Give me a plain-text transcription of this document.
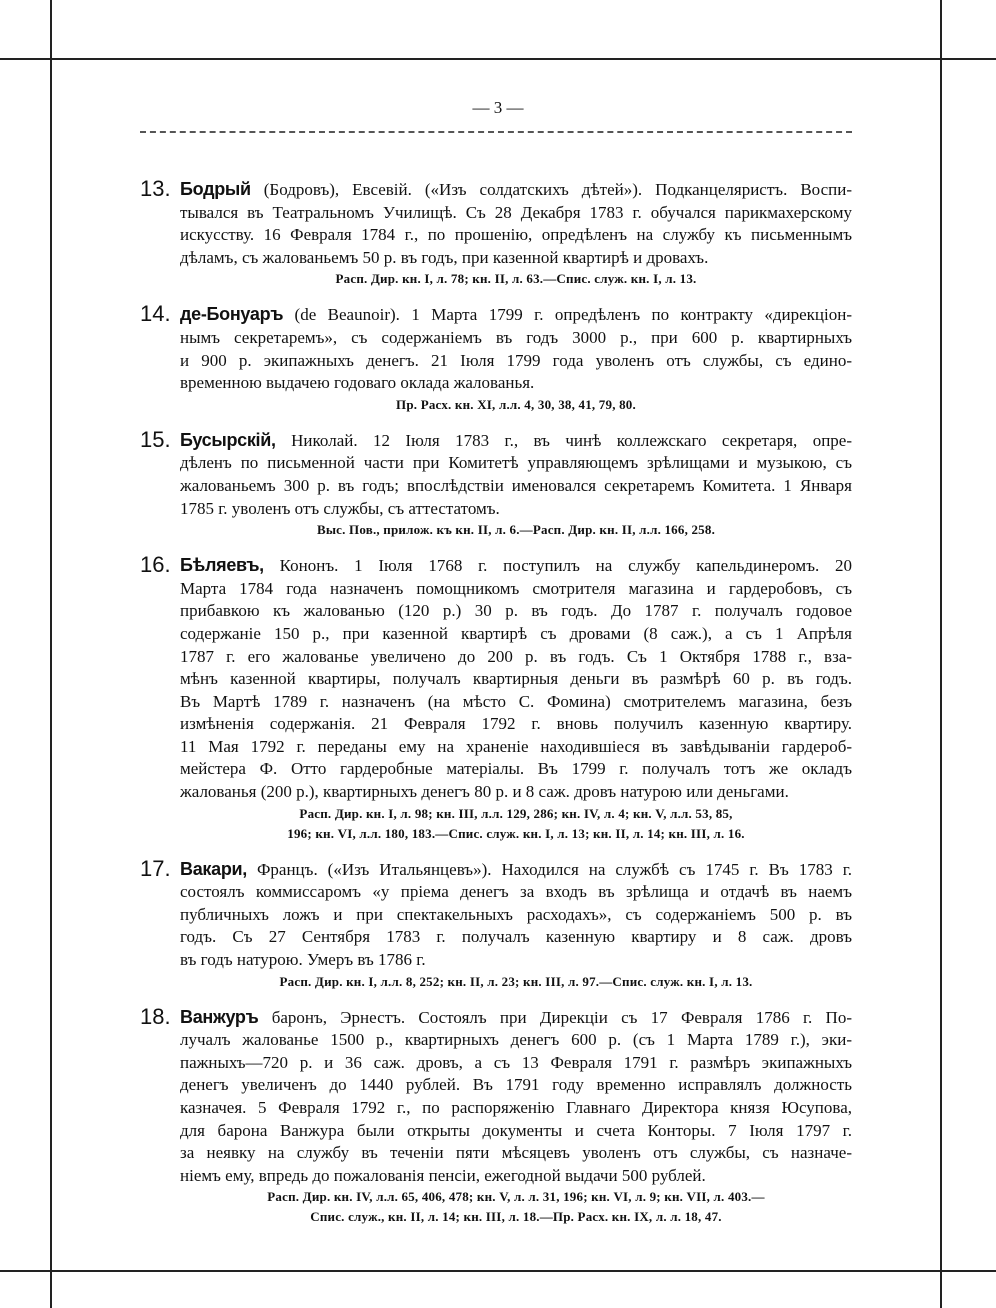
— 3 —
13. Бодрый (Бодровъ), Евсевій. («Изъ солдатскихъ дѣтей»). Подканцеляристъ. Воспи-
тывался въ Театральномъ Училищѣ. Съ 28 Декабря 1783 г. обучался парикмахерскому
искусству. 16 Февраля 1784 г., по прошенію, опредѣленъ на службу къ письменнымъ
дѣламъ, съ жалованьемъ 50 р. въ годъ, при казенной квартирѣ и дровахъ.
Расп. Дир. кн. I, л. 78; кн. II, л. 63.—Спис. служ. кн. I, л. 13.
14. де-Бонуаръ (de Beaunoir). 1 Марта 1799 г. опредѣленъ по контракту «дирекціон-
нымъ секретаремъ», съ содержаніемъ въ годъ 3000 р., при 600 р. квартирныхъ
и 900 р. экипажныхъ денегъ. 21 Іюля 1799 года уволенъ отъ службы, съ едино-
временною выдачею годоваго оклада жалованья.
Пр. Расх. кн. XI, л.л. 4, 30, 38, 41, 79, 80.
15. Бусырскій, Николай. 12 Іюля 1783 г., въ чинѣ коллежскаго секретаря, опре-
дѣленъ по письменной части при Комитетѣ управляющемъ зрѣлищами и музыкою, съ
жалованьемъ 300 р. въ годъ; впослѣдствіи именовался секретаремъ Комитета. 1 Января
1785 г. уволенъ отъ службы, съ аттестатомъ.
Выс. Пов., прилож. къ кн. II, л. 6.—Расп. Дир. кн. II, л.л. 166, 258.
16. Бѣляевъ, Кононъ. 1 Іюля 1768 г. поступилъ на службу капельдинеромъ. 20
Марта 1784 года назначенъ помощникомъ смотрителя магазина и гардеробовъ, съ
прибавкою къ жалованью (120 р.) 30 р. въ годъ. До 1787 г. получалъ годовое
содержаніе 150 р., при казенной квартирѣ съ дровами (8 саж.), а съ 1 Апрѣля
1787 г. его жалованье увеличено до 200 р. въ годъ. Съ 1 Октября 1788 г., вза-
мѣнъ казенной квартиры, получалъ квартирныя деньги въ размѣрѣ 60 р. въ годъ.
Въ Мартѣ 1789 г. назначенъ (на мѣсто С. Фомина) смотрителемъ магазина, безъ
измѣненія содержанія. 21 Февраля 1792 г. вновь получилъ казенную квартиру.
11 Мая 1792 г. переданы ему на храненіе находившіеся въ завѣдываніи гардероб-
мейстера Ф. Отто гардеробные матеріалы. Въ 1799 г. получалъ тотъ же окладъ
жалованья (200 р.), квартирныхъ денегъ 80 р. и 8 саж. дровъ натурою или деньгами.
Расп. Дир. кн. I, л. 98; кн. III, л.л. 129, 286; кн. IV, л. 4; кн. V, л.л. 53, 85,
196; кн. VI, л.л. 180, 183.—Спис. служ. кн. I, л. 13; кн. II, л. 14; кн. III, л. 16.
17. Вакари, Францъ. («Изъ Итальянцевъ»). Находился на службѣ съ 1745 г. Въ 1783 г.
состоялъ коммиссаромъ «у пріема денегъ за входъ въ зрѣлища и отдачѣ въ наемъ
публичныхъ ложъ и при спектакельныхъ расходахъ», съ содержаніемъ 500 р. въ
годъ. Съ 27 Сентября 1783 г. получалъ казенную квартиру и 8 саж. дровъ
въ годъ натурою. Умеръ въ 1786 г.
Расп. Дир. кн. I, л.л. 8, 252; кн. II, л. 23; кн. III, л. 97.—Спис. служ. кн. I, л. 13.
18. Ванжуръ баронъ, Эрнестъ. Состоялъ при Дирекціи съ 17 Февраля 1786 г. По-
лучалъ жалованье 1500 р., квартирныхъ денегъ 600 р. (съ 1 Марта 1789 г.), эки-
пажныхъ—720 р. и 36 саж. дровъ, а съ 13 Февраля 1791 г. размѣръ экипажныхъ
денегъ увеличенъ до 1440 рублей. Въ 1791 году временно исправлялъ должность
казначея. 5 Февраля 1792 г., по распоряженію Главнаго Директора князя Юсупова,
для барона Ванжура были открыты документы и счета Конторы. 7 Іюля 1797 г.
за неявку на службу въ теченіи пяти мѣсяцевъ уволенъ отъ службы, съ назначе-
ніемъ ему, впредь до пожалованія пенсіи, ежегодной выдачи 500 рублей.
Расп. Дир. кн. IV, л.л. 65, 406, 478; кн. V, л. л. 31, 196; кн. VI, л. 9; кн. VII, л. 403.—
Спис. служ., кн. II, л. 14; кн. III, л. 18.—Пр. Расх. кн. IX, л. л. 18, 47.
